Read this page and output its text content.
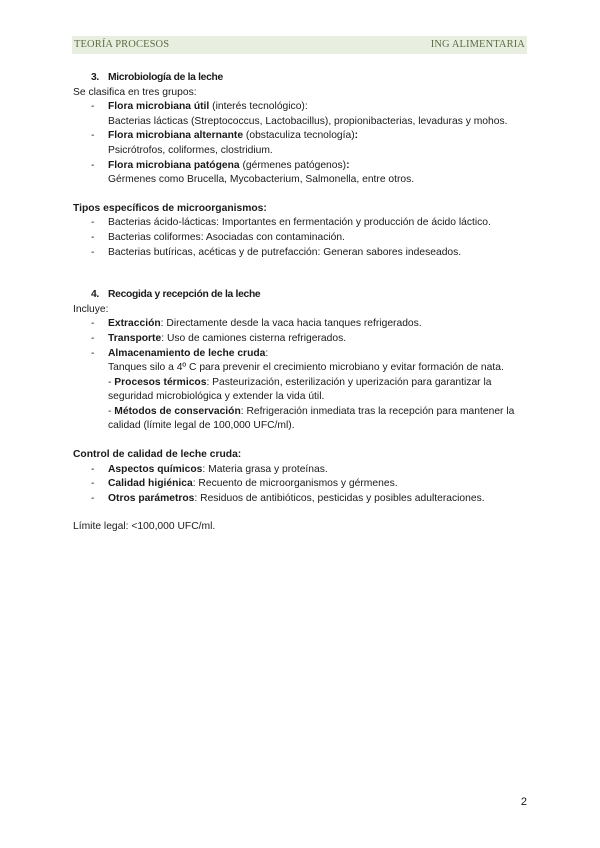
TEORÍA PROCESOS	ING ALIMENTARIA
3. Microbiología de la leche
Se clasifica en tres grupos:
- Flora microbiana útil (interés tecnológico):
Bacterias lácticas (Streptococcus, Lactobacillus), propionibacterias, levaduras y mohos.
- Flora microbiana alternante (obstaculiza tecnología):
Psicrótrofos, coliformes, clostridium.
- Flora microbiana patógena (gérmenes patógenos):
Gérmenes como Brucella, Mycobacterium, Salmonella, entre otros.
Tipos específicos de microorganismos:
- Bacterias ácido-lácticas: Importantes en fermentación y producción de ácido láctico.
- Bacterias coliformes: Asociadas con contaminación.
- Bacterias butíricas, acéticas y de putrefacción: Generan sabores indeseados.
4. Recogida y recepción de la leche
Incluye:
- Extracción: Directamente desde la vaca hacia tanques refrigerados.
- Transporte: Uso de camiones cisterna refrigerados.
- Almacenamiento de leche cruda:
Tanques silo a 4º C para prevenir el crecimiento microbiano y evitar formación de nata.
- Procesos térmicos: Pasteurización, esterilización y uperización para garantizar la seguridad microbiológica y extender la vida útil.
- Métodos de conservación: Refrigeración inmediata tras la recepción para mantener la calidad (límite legal de 100,000 UFC/ml).
Control de calidad de leche cruda:
- Aspectos químicos: Materia grasa y proteínas.
- Calidad higiénica: Recuento de microorganismos y gérmenes.
- Otros parámetros: Residuos de antibióticos, pesticidas y posibles adulteraciones.
Límite legal: <100,000 UFC/ml.
2
